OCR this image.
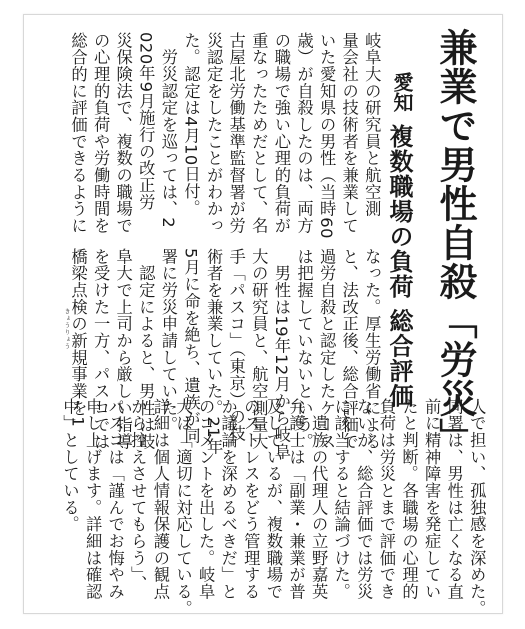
兼業で男性自殺「労災」
愛知
複数職場の負荷 総合評価
岐阜大の研究員と航空測
量会社の技術者を兼業して
いた愛知県の男性（当時60
歳）が自殺したのは、両方
の職場で強い心理的負荷が
重なったためだとして、名
古屋北労働基準監督署が労
災認定をしたことがわかっ
た。認定は4月10日付。
　労災認定を巡っては、2
020年9月施行の改正労
災保険法で、複数の職場で
の心理的負荷や労働時間を
総合的に評価できるように
なった。厚生労働省による
と、法改正後、総合評価で
過労自殺と認定したケース
は把握していないという。
　男性は19年12月から岐阜
大の研究員と、航空測量大
手「パスコ」（東京）の技
術者を兼業していた。21年
5月に命を絶ち、遺族が同
署に労災申請していた。
　認定によると、男性は岐
阜大で上司から厳しい指導
を受けた一方、パスコでは
橋梁点検の新規事業を1
人で担い、孤独感を深めた。
同署は、男性は亡くなる直
前に精神障害を発症してい
たと判断。各職場の心理的
負荷は労災とまで評価でき
ないが、総合評価では労災
に該当すると結論づけた。
　遺族の代理人の立野嘉英
弁護士は「副業・兼業が普
及しているが、複数職場で
のストレスをどう管理する
か議論を深めるべきだ」と
のコメントを出した。岐阜
大は「適切に対応している。
詳細は個人情報保護の観点
から控えさせてもらう」、
パスコは「謹んでお悔やみ
申し上げます。詳細は確認
中」としている。
きょうりょう
